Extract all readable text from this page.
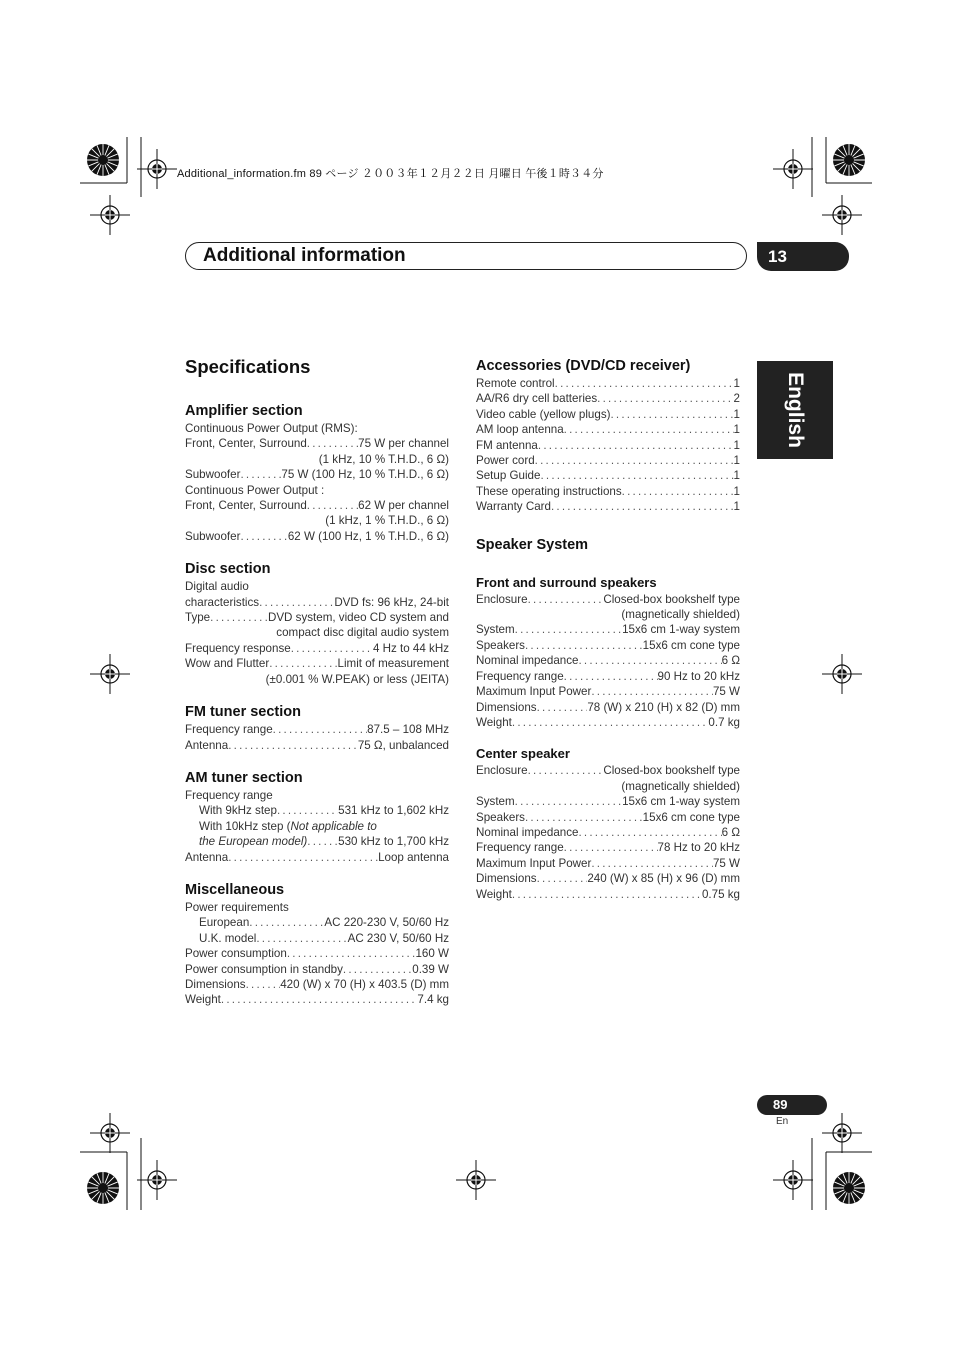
Additional_information.fm 89 ページ ２００３年１２月２２日 月曜日 午後１時３４分
Additional information	13
English
89
En
Specifications
Amplifier section
Continuous Power Output (RMS):
Front, Center, Surround . . .	75 W per channel
(1 kHz, 10 % T.H.D., 6 Ω)
Subwoofer . . .	75 W (100 Hz, 10 % T.H.D., 6 Ω)
Continuous Power Output :
Front, Center, Surround . . .	62 W per channel
(1 kHz, 1 % T.H.D., 6 Ω)
Subwoofer . . .	62 W (100 Hz, 1 % T.H.D., 6 Ω)
Disc section
Digital audio
characteristics . . .	DVD fs: 96 kHz, 24-bit
Type . . .	DVD system, video CD system and
compact disc digital audio system
Frequency response . . .	4 Hz to 44 kHz
Wow and Flutter . . .	Limit of measurement
(±0.001 % W.PEAK) or less (JEITA)
FM tuner section
Frequency range . . .	87.5 – 108 MHz
Antenna . . .	75 Ω, unbalanced
AM tuner section
Frequency range
With 9kHz step . . .	531 kHz to 1,602 kHz
With 10kHz step (Not applicable to
the European model) . . .	530 kHz to 1,700 kHz
Antenna . . .	Loop antenna
Miscellaneous
Power requirements
European . . .	AC 220-230 V, 50/60 Hz
U.K. model . . .	AC 230 V, 50/60 Hz
Power consumption . . .	160 W
Power consumption in standby . . .	0.39 W
Dimensions . . .	420 (W) x 70 (H) x 403.5 (D) mm
Weight . . .	7.4 kg
Accessories (DVD/CD receiver)
Remote control . . .	1
AA/R6 dry cell batteries . . .	2
Video cable (yellow plugs) . . .	1
AM loop antenna . . .	1
FM antenna . . .	1
Power cord . . .	1
Setup Guide . . .	1
These operating instructions . . .	1
Warranty Card . . .	1
Speaker System
Front and surround speakers
Enclosure . . .	Closed-box bookshelf type
(magnetically shielded)
System . . .	15x6 cm 1-way system
Speakers . . .	15x6 cm cone type
Nominal impedance . . .	6 Ω
Frequency range . . .	90 Hz to 20 kHz
Maximum Input Power . . .	75 W
Dimensions . . .	78 (W) x 210 (H) x 82 (D) mm
Weight . . .	0.7 kg
Center speaker
Enclosure . . .	Closed-box bookshelf type
(magnetically shielded)
System . . .	15x6 cm 1-way system
Speakers . . .	15x6 cm cone type
Nominal impedance . . .	6 Ω
Frequency range . . .	78 Hz to 20 kHz
Maximum Input Power . . .	75 W
Dimensions . . .	240 (W) x 85 (H) x 96 (D) mm
Weight . . .	0.75 kg
